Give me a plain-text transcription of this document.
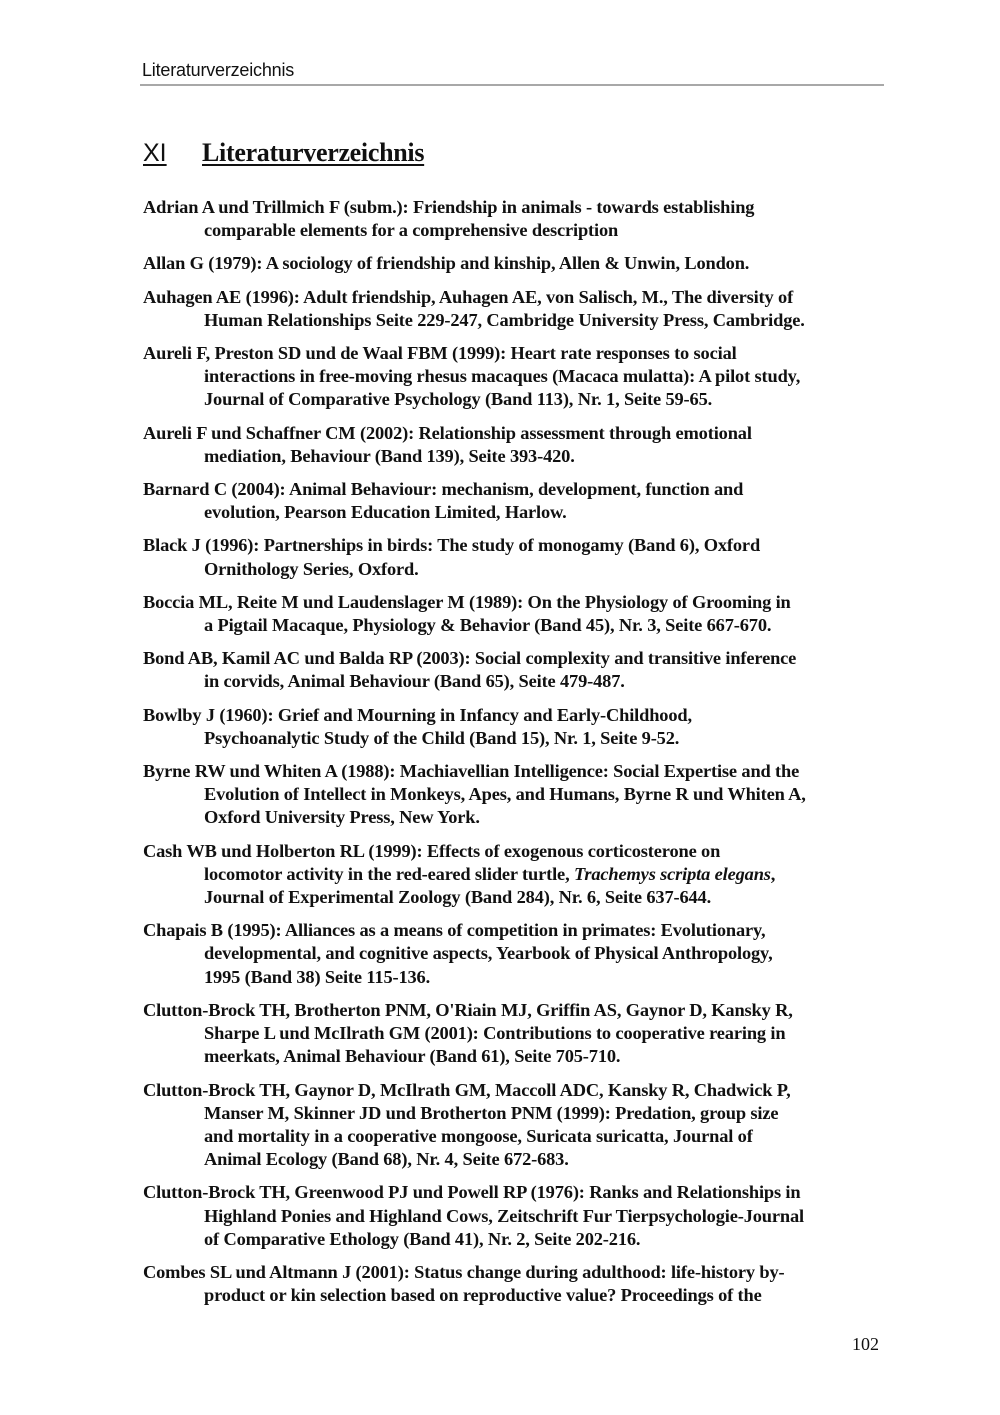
Literaturverzeichnis
XI	Literaturverzeichnis
Adrian A und Trillmich F (subm.): Friendship in animals - towards establishing
comparable elements for a comprehensive description
Allan G (1979): A sociology of friendship and kinship, Allen & Unwin, London.
Auhagen AE (1996): Adult friendship, Auhagen AE, von Salisch, M., The diversity of
Human Relationships Seite 229-247, Cambridge University Press, Cambridge.
Aureli F, Preston SD und de Waal FBM (1999): Heart rate responses to social
interactions in free-moving rhesus macaques (Macaca mulatta): A pilot study,
Journal of Comparative Psychology (Band 113), Nr. 1, Seite 59-65.
Aureli F und Schaffner CM (2002): Relationship assessment through emotional
mediation, Behaviour (Band 139), Seite 393-420.
Barnard C (2004): Animal Behaviour: mechanism, development, function and
evolution, Pearson Education Limited, Harlow.
Black J (1996): Partnerships in birds: The study of monogamy (Band 6), Oxford
Ornithology Series, Oxford.
Boccia ML, Reite M und Laudenslager M (1989): On the Physiology of Grooming in
a Pigtail Macaque, Physiology & Behavior (Band 45), Nr. 3, Seite 667-670.
Bond AB, Kamil AC und Balda RP (2003): Social complexity and transitive inference
in corvids, Animal Behaviour (Band 65), Seite 479-487.
Bowlby J (1960): Grief and Mourning in Infancy and Early-Childhood,
Psychoanalytic Study of the Child (Band 15), Nr. 1, Seite 9-52.
Byrne RW und Whiten A (1988): Machiavellian Intelligence: Social Expertise and the
Evolution of Intellect in Monkeys, Apes, and Humans, Byrne R und Whiten A,
Oxford University Press, New York.
Cash WB und Holberton RL (1999): Effects of exogenous corticosterone on
locomotor activity in the red-eared slider turtle, Trachemys scripta elegans,
Journal of Experimental Zoology (Band 284), Nr. 6, Seite 637-644.
Chapais B (1995): Alliances as a means of competition in primates: Evolutionary,
developmental, and cognitive aspects, Yearbook of Physical Anthropology,
1995 (Band 38) Seite 115-136.
Clutton-Brock TH, Brotherton PNM, O'Riain MJ, Griffin AS, Gaynor D, Kansky R,
Sharpe L und McIlrath GM (2001): Contributions to cooperative rearing in
meerkats, Animal Behaviour (Band 61), Seite 705-710.
Clutton-Brock TH, Gaynor D, McIlrath GM, Maccoll ADC, Kansky R, Chadwick P,
Manser M, Skinner JD und Brotherton PNM (1999): Predation, group size
and mortality in a cooperative mongoose, Suricata suricatta, Journal of
Animal Ecology (Band 68), Nr. 4, Seite 672-683.
Clutton-Brock TH, Greenwood PJ und Powell RP (1976): Ranks and Relationships in
Highland Ponies and Highland Cows, Zeitschrift Fur Tierpsychologie-Journal
of Comparative Ethology (Band 41), Nr. 2, Seite 202-216.
Combes SL und Altmann J (2001): Status change during adulthood: life-history by-
product or kin selection based on reproductive value? Proceedings of the
102
